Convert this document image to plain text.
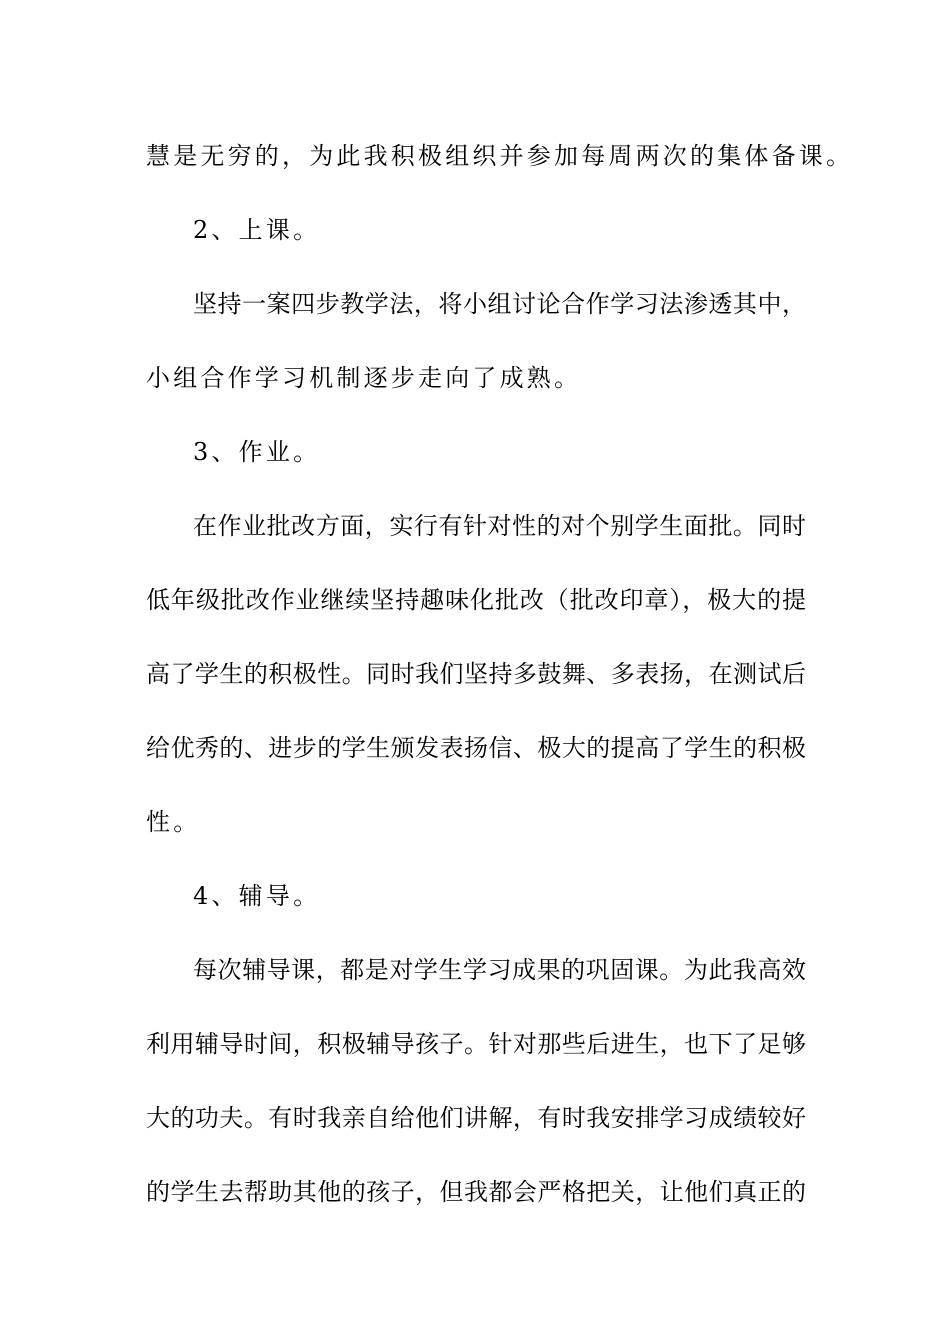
慧是无穷的，为此我积极组织并参加每周两次的集体备课。
2、上课。
坚持一案四步教学法，将小组讨论合作学习法渗透其中，
小组合作学习机制逐步走向了成熟。
3、作业。
在作业批改方面，实行有针对性的对个别学生面批。同时
低年级批改作业继续坚持趣味化批改（批改印章），极大的提
高了学生的积极性。同时我们坚持多鼓舞、多表扬，在测试后
给优秀的、进步的学生颁发表扬信、极大的提高了学生的积极
性。
4、辅导。
每次辅导课，都是对学生学习成果的巩固课。为此我高效
利用辅导时间，积极辅导孩子。针对那些后进生，也下了足够
大的功夫。有时我亲自给他们讲解，有时我安排学习成绩较好
的学生去帮助其他的孩子，但我都会严格把关，让他们真正的
